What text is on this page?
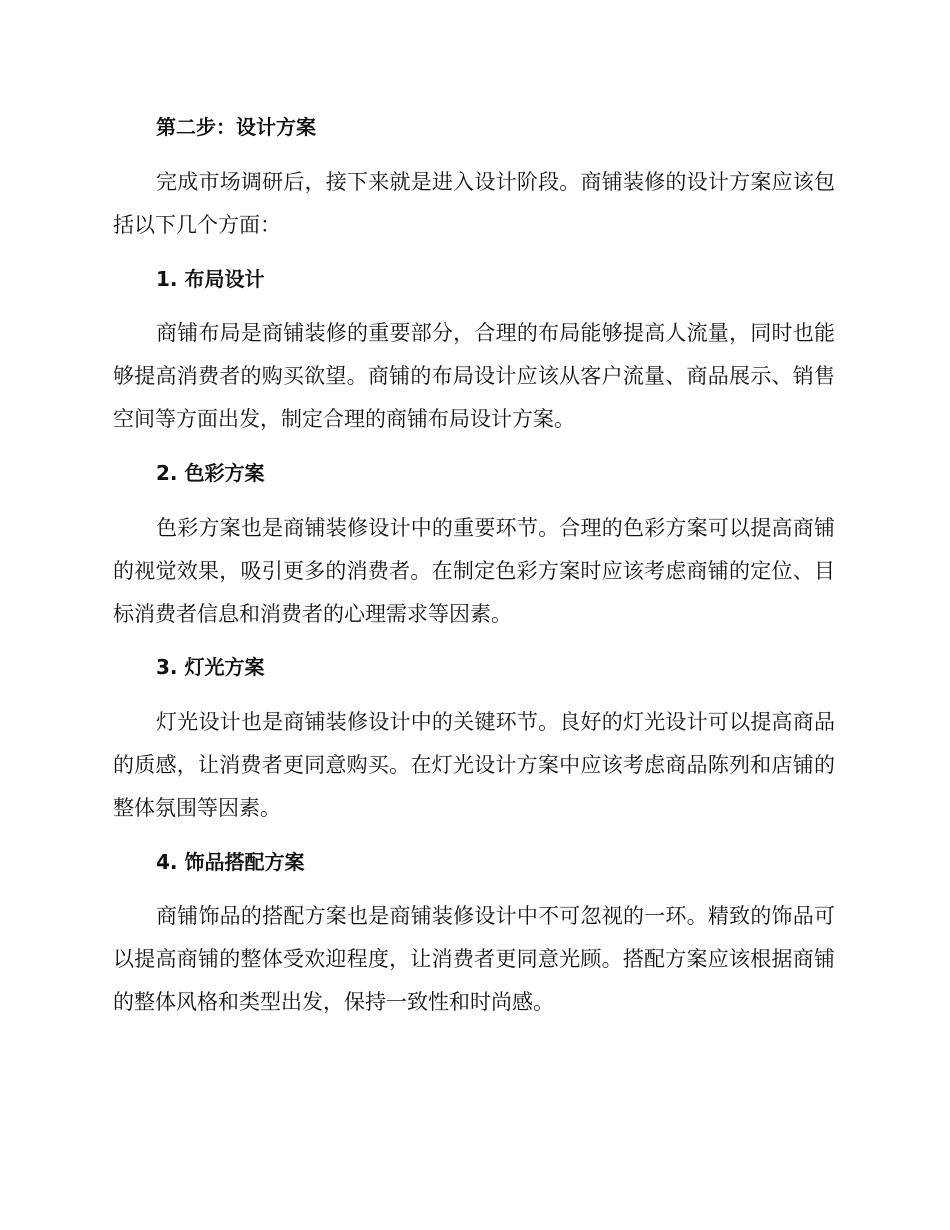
第二步：设计方案

完成市场调研后，接下来就是进入设计阶段。商铺装修的设计方案应该包括以下几个方面：

1. 布局设计

商铺布局是商铺装修的重要部分，合理的布局能够提高人流量，同时也能够提高消费者的购买欲望。商铺的布局设计应该从客户流量、商品展示、销售空间等方面出发，制定合理的商铺布局设计方案。

2. 色彩方案

色彩方案也是商铺装修设计中的重要环节。合理的色彩方案可以提高商铺的视觉效果，吸引更多的消费者。在制定色彩方案时应该考虑商铺的定位、目标消费者信息和消费者的心理需求等因素。

3. 灯光方案

灯光设计也是商铺装修设计中的关键环节。良好的灯光设计可以提高商品的质感，让消费者更同意购买。在灯光设计方案中应该考虑商品陈列和店铺的整体氛围等因素。

4. 饰品搭配方案

商铺饰品的搭配方案也是商铺装修设计中不可忽视的一环。精致的饰品可以提高商铺的整体受欢迎程度，让消费者更同意光顾。搭配方案应该根据商铺的整体风格和类型出发，保持一致性和时尚感。
